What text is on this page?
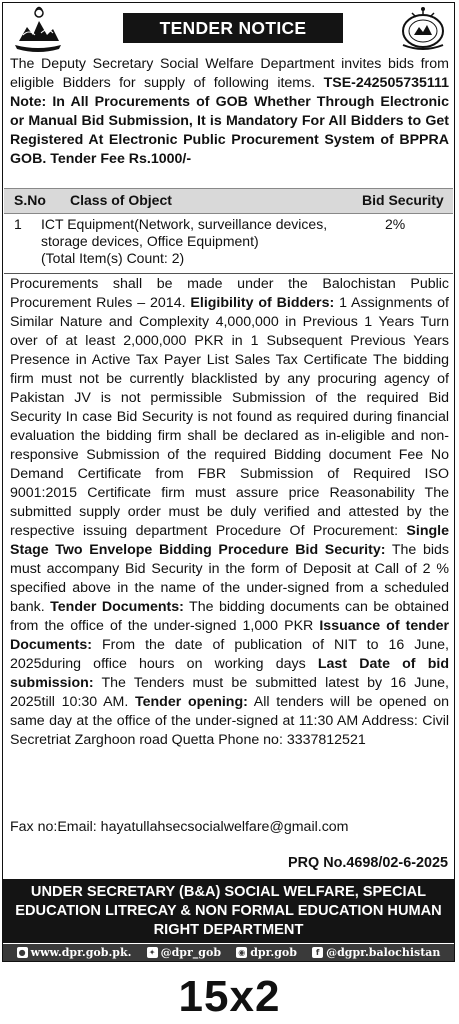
TENDER NOTICE
The Deputy Secretary Social Welfare Department invites bids from eligible Bidders for supply of following items. TSE-242505735111 Note: In All Procurements of GOB Whether Through Electronic or Manual Bid Submission, It is Mandatory For All Bidders to Get Registered At Electronic Public Procurement System of BPPRA GOB. Tender Fee Rs.1000/-
S.No Class of Object	Bid Security
1 ICT Equipment(Network, surveillance devices,
storage devices, Office Equipment)
(Total Item(s) Count: 2)
2%
Procurements shall be made under the Balochistan Public Procurement Rules – 2014. Eligibility of Bidders: 1 Assignments of Similar Nature and Complexity 4,000,000 in Previous 1 Years Turn over of at least 2,000,000 PKR in 1 Subsequent Previous Years Presence in Active Tax Payer List Sales Tax Certificate The bidding firm must not be currently blacklisted by any procuring agency of Pakistan JV is not permissible Submission of the required Bid Security In case Bid Security is not found as required during financial evaluation the bidding firm shall be declared as in-eligible and non-responsive Submission of the required Bidding document Fee No Demand Certificate from FBR Submission of Required ISO 9001:2015 Certificate firm must assure price Reasonability The submitted supply order must be duly verified and attested by the respective issuing department Procedure Of Procurement: Single Stage Two Envelope Bidding Procedure Bid Security: The bids must accompany Bid Security in the form of Deposit at Call of 2 % specified above in the name of the under-signed from a scheduled bank. Tender Documents: The bidding documents can be obtained from the office of the under-signed 1,000 PKR Issuance of tender Documents: From the date of publication of NIT to 16 June, 2025during office hours on working days Last Date of bid submission: The Tenders must be submitted latest by 16 June, 2025till 10:30 AM. Tender opening: All tenders will be opened on same day at the office of the under-signed at 11:30 AM Address: Civil Secretriat Zarghoon road Quetta Phone no: 3337812521
Fax no:Email: hayatullahsecsocialwelfare@gmail.com
PRQ No.4698/02-6-2025
UNDER SECRETARY (B&A) SOCIAL WELFARE, SPECIAL
EDUCATION LITRECAY & NON FORMAL EDUCATION HUMAN
RIGHT DEPARTMENT
● www.dpr.gob.pk. ✦ @dpr_gob ◉ dpr.gob	f @dgpr.balochistan
15x2
